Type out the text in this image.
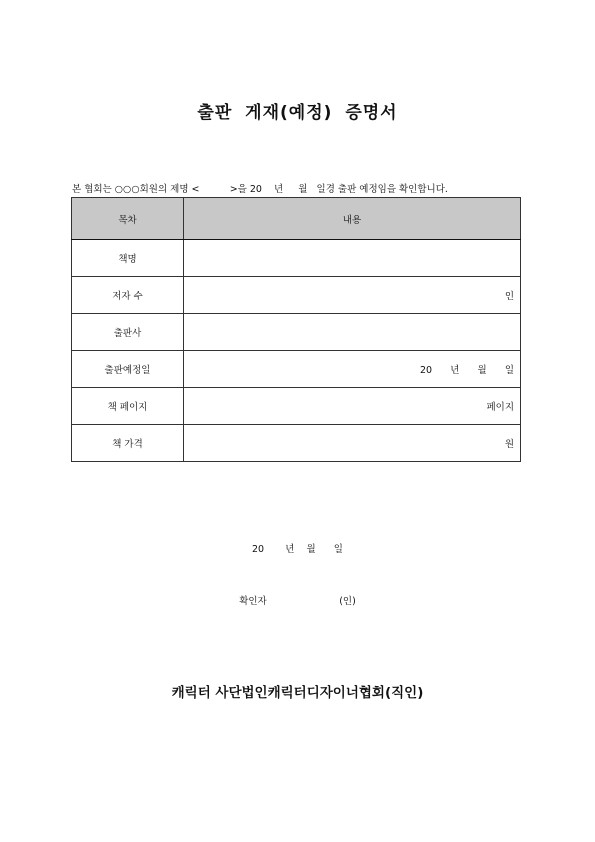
출판 게재(예정) 증명서
본 협회는 ○○○회원의 제명 <          >을 20    년     월   일경 출판 예정임을 확인합니다.
목차	내용
책명	
저자 수	인
출판사	
출판예정일	20      년      월      일
책 페이지	페이지
책 가격	원
20       년    월      일
확인자                        (인)
캐릭터 사단법인캐릭터디자이너협회(직인)
